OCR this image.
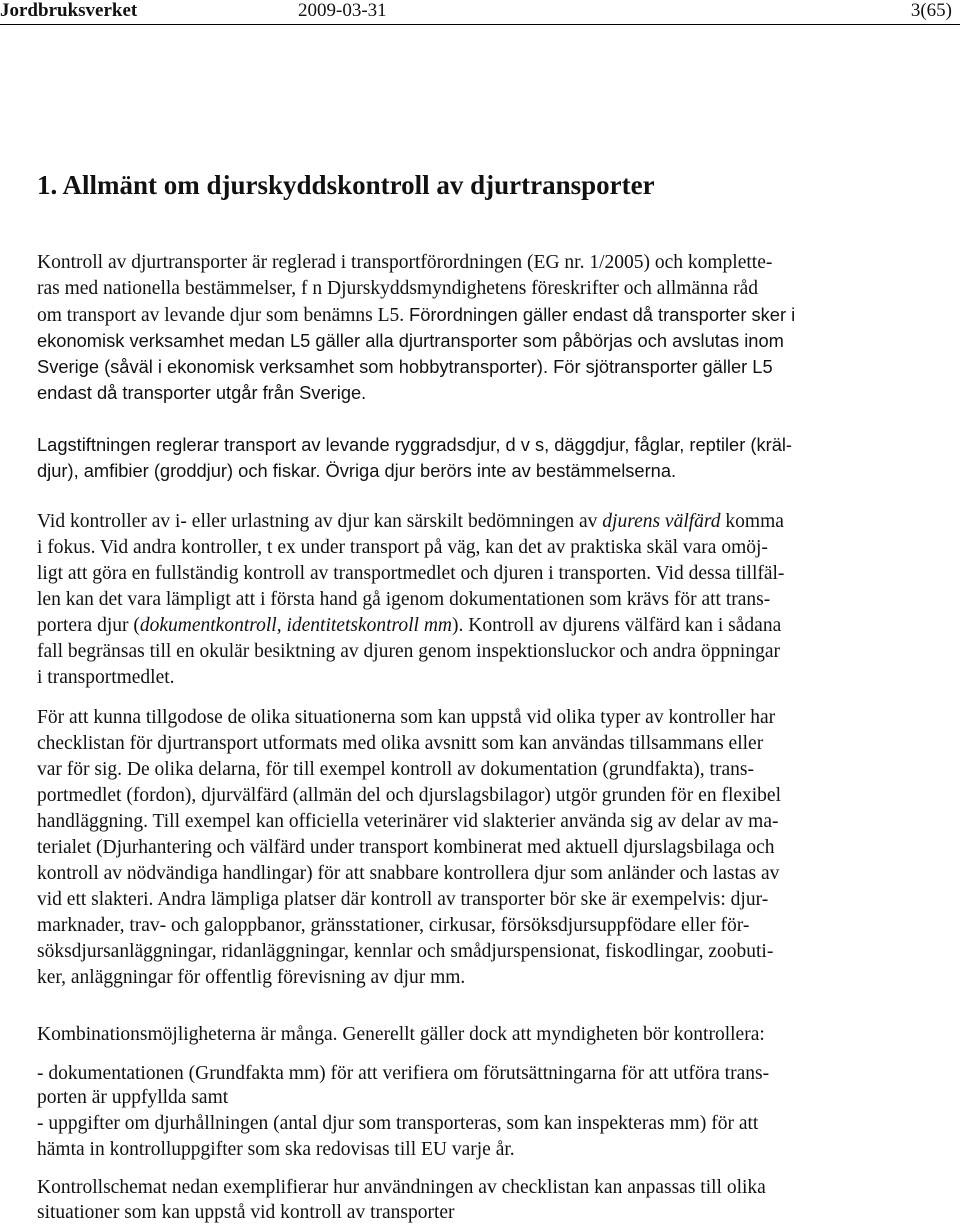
Jordbruksverket	2009-03-31	3(65)
1. Allmänt om djurskyddskontroll av djurtransporter
Kontroll av djurtransporter är reglerad i transportförordningen (EG nr. 1/2005) och komplette-
ras med nationella bestämmelser, f n Djurskyddsmyndighetens föreskrifter och allmänna råd
om transport av levande djur som benämns L5. Förordningen gäller endast då transporter sker i
ekonomisk verksamhet medan L5 gäller alla djurtransporter som påbörjas och avslutas inom
Sverige (såväl i ekonomisk verksamhet som hobbytransporter). För sjötransporter gäller L5
endast då transporter utgår från Sverige.
Lagstiftningen reglerar transport av levande ryggradsdjur, d v s, däggdjur, fåglar, reptiler (kräl-
djur), amfibier (groddjur) och fiskar. Övriga djur berörs inte av bestämmelserna.
Vid kontroller av i- eller urlastning av djur kan särskilt bedömningen av djurens välfärd komma
i fokus. Vid andra kontroller, t ex under transport på väg, kan det av praktiska skäl vara omöj-
ligt att göra en fullständig kontroll av transportmedlet och djuren i transporten. Vid dessa tillfäl-
len kan det vara lämpligt att i första hand gå igenom dokumentationen som krävs för att trans-
portera djur (dokumentkontroll, identitetskontroll mm). Kontroll av djurens välfärd kan i sådana
fall begränsas till en okulär besiktning av djuren genom inspektionsluckor och andra öppningar
i transportmedlet.
För att kunna tillgodose de olika situationerna som kan uppstå vid olika typer av kontroller har
checklistan för djurtransport utformats med olika avsnitt som kan användas tillsammans eller
var för sig. De olika delarna, för till exempel kontroll av dokumentation (grundfakta), trans-
portmedlet (fordon), djurvälfärd (allmän del och djurslagsbilagor) utgör grunden för en flexibel
handläggning. Till exempel kan officiella veterinärer vid slakterier använda sig av delar av ma-
terialet (Djurhantering och välfärd under transport kombinerat med aktuell djurslagsbilaga och
kontroll av nödvändiga handlingar) för att snabbare kontrollera djur som anländer och lastas av
vid ett slakteri. Andra lämpliga platser där kontroll av transporter bör ske är exempelvis: djur-
marknader, trav- och galoppbanor, gränsstationer, cirkusar, försöksdjursuppfödare eller för-
söksdjursanläggningar, ridanläggningar, kennlar och smådjurspensionat, fiskodlingar, zoobuti-
ker, anläggningar för offentlig förevisning av djur mm.
Kombinationsmöjligheterna är många. Generellt gäller dock att myndigheten bör kontrollera:
- dokumentationen (Grundfakta mm) för att verifiera om förutsättningarna för att utföra trans-
porten är uppfyllda samt
- uppgifter om djurhållningen (antal djur som transporteras, som kan inspekteras mm) för att
hämta in kontrolluppgifter som ska redovisas till EU varje år.
Kontrollschemat nedan exemplifierar hur användningen av checklistan kan anpassas till olika
situationer som kan uppstå vid kontroll av transporter
